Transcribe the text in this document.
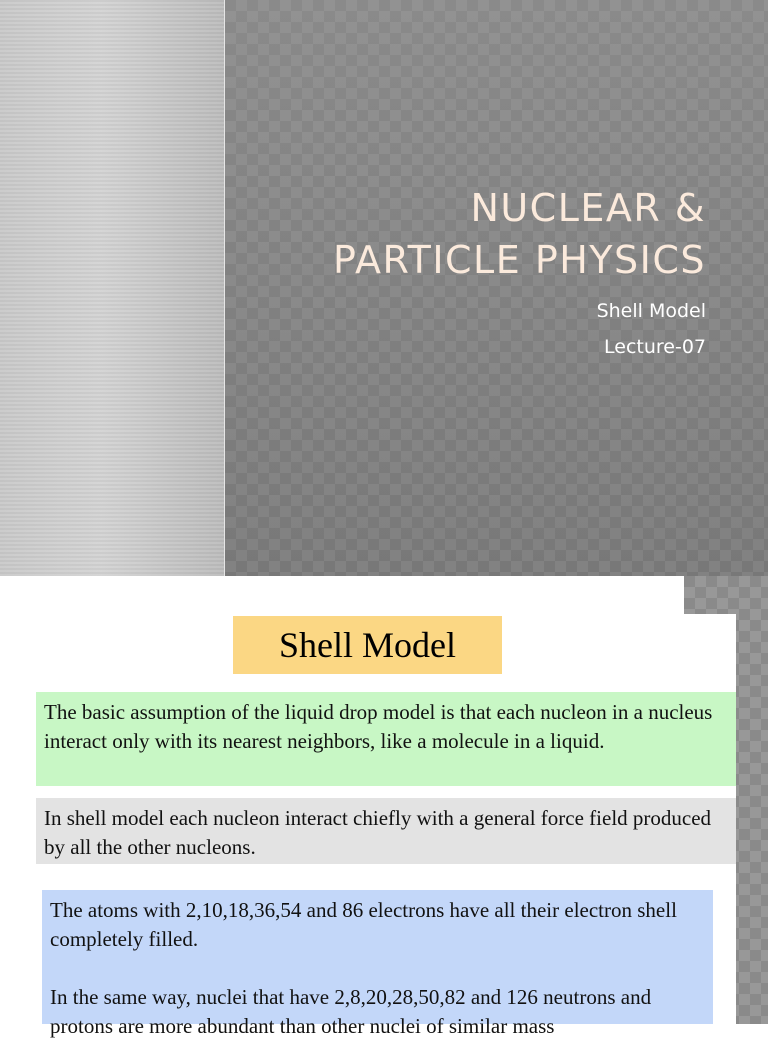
NUCLEAR &
PARTICLE PHYSICS
Shell Model
Lecture-07
Shell Model

The basic assumption of the liquid drop model is that each nucleon in a nucleus interact only with its nearest neighbors, like a molecule in a liquid.

In shell model each nucleon interact chiefly with a general force field produced by all the other nucleons.

The atoms with 2,10,18,36,54 and 86 electrons have all their electron shell completely filled.

In the same way, nuclei that have 2,8,20,28,50,82 and 126 neutrons and protons are more abundant than other nuclei of similar mass
